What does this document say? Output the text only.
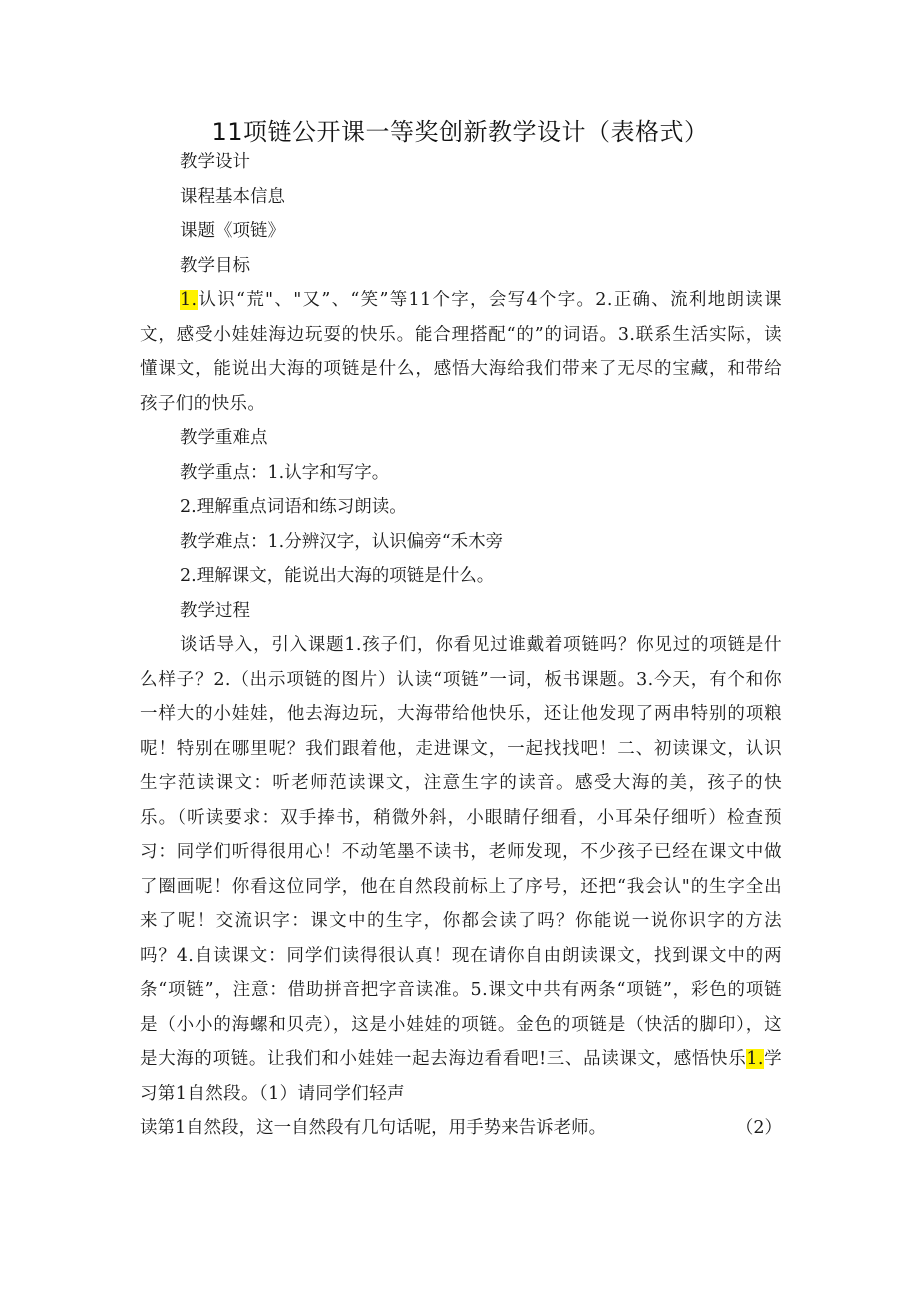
11项链公开课一等奖创新教学设计（表格式）
教学设计
课程基本信息
课题《项链》
教学目标
1.认识“荒"、"又”、“笑”等11个字，会写4个字。2.正确、流利地朗读课文，感受小娃娃海边玩耍的快乐。能合理搭配“的”的词语。3.联系生活实际，读懂课文，能说出大海的项链是什么，感悟大海给我们带来了无尽的宝藏，和带给孩子们的快乐。
教学重难点
教学重点：1.认字和写字。
2.理解重点词语和练习朗读。
教学难点：1.分辨汉字，认识偏旁“禾木旁
2.理解课文，能说出大海的项链是什么。
教学过程
谈话导入，引入课题1.孩子们，你看见过谁戴着项链吗？你见过的项链是什么样子？2.（出示项链的图片）认读“项链”一词，板书课题。3.今天，有个和你一样大的小娃娃，他去海边玩，大海带给他快乐，还让他发现了两串特别的项粮呢！特别在哪里呢？我们跟着他，走进课文，一起找找吧！二、初读课文，认识生字范读课文：听老师范读课文，注意生字的读音。感受大海的美，孩子的快乐。（听读要求：双手捧书，稍微外斜，小眼睛仔细看，小耳朵仔细听）检查预习：同学们听得很用心！不动笔墨不读书，老师发现，不少孩子已经在课文中做了圈画呢！你看这位同学，他在自然段前标上了序号，还把“我会认"的生字全出来了呢！交流识字：课文中的生字，你都会读了吗？你能说一说你识字的方法吗？4.自读课文：同学们读得很认真！现在请你自由朗读课文，找到课文中的两条“项链”，注意：借助拼音把字音读准。5.课文中共有两条“项链”，彩色的项链是（小小的海螺和贝壳），这是小娃娃的项链。金色的项链是（快活的脚印），这是大海的项链。让我们和小娃娃一起去海边看看吧!三、品读课文，感悟快乐1.学习第1自然段。（1）请同学们轻声
读第1自然段，这一自然段有几句话呢，用手势来告诉老师。	（2）
